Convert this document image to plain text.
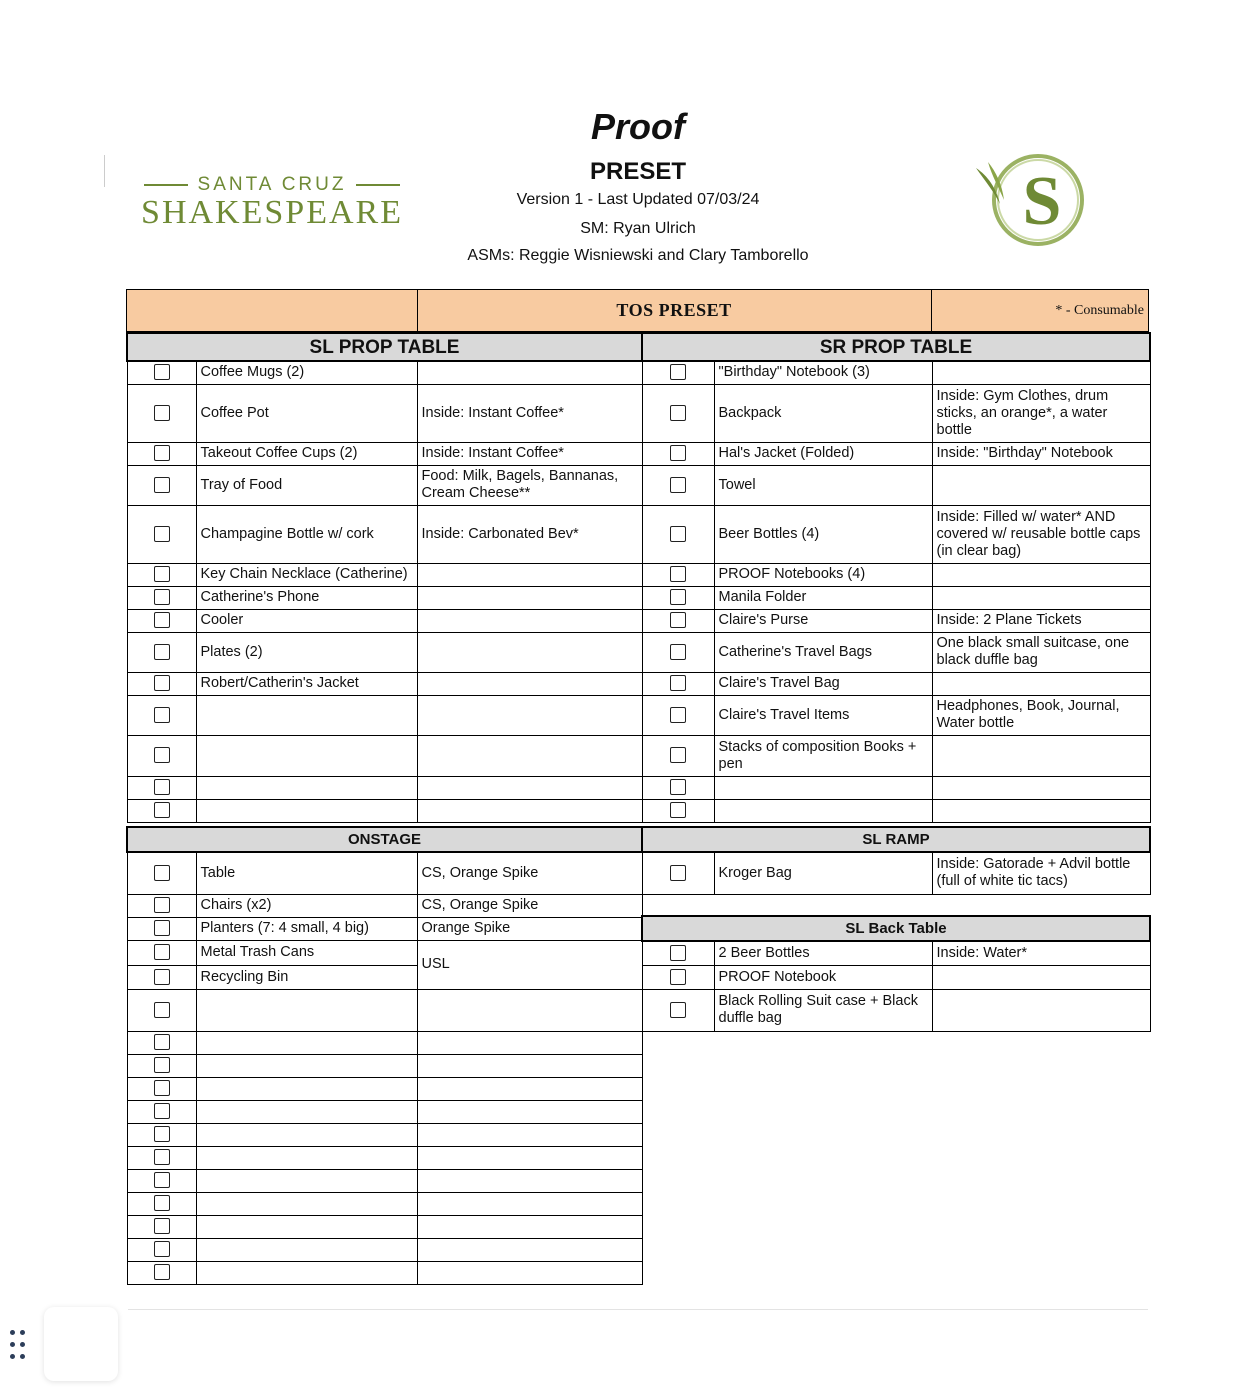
Proof
PRESET
Version 1 - Last Updated 07/03/24
SM: Ryan Ulrich
ASMs: Reggie Wisniewski and Clary Tamborello
SANTA CRUZ
SHAKESPEARE	S
TOS PRESET	* - Consumable
SL PROP TABLE		
	Coffee Mugs (2)	
	Coffee Pot	Inside: Instant Coffee*
	Takeout Coffee Cups (2)	Inside: Instant Coffee*
	Tray of Food	Food: Milk, Bagels, Bannanas, Cream Cheese**
	Champagine Bottle w/ cork	Inside: Carbonated Bev*
	Key Chain Necklace (Catherine)	
	Catherine's Phone	
	Cooler	
	Plates (2)	
	Robert/Catherin's Jacket	

ONSTAGE		
	Table	CS, Orange Spike
	Chairs (x2)	CS, Orange Spike
	Planters (7: 4 small, 4 big)	Orange Spike
	Metal Trash Cans	USL
	Recycling Bin	

SR PROP TABLE		
	"Birthday" Notebook (3)	
	Backpack	Inside: Gym Clothes, drum sticks, an orange*, a water bottle
	Hal's Jacket (Folded)	Inside: "Birthday" Notebook
	Towel	
	Beer Bottles (4)	Inside: Filled w/ water* AND covered w/ reusable bottle caps (in clear bag)
	PROOF Notebooks (4)	
	Manila Folder	
	Claire's Purse	Inside: 2 Plane Tickets
	Catherine's Travel Bags	One black small suitcase, one black duffle bag
	Claire's Travel Bag	
	Claire's Travel Items	Headphones, Book, Journal, Water bottle
	Stacks of composition Books + pen	

SL RAMP
	Kroger Bag	Inside: Gatorade + Advil bottle (full of white tic tacs)
SL Back Table		
	2 Beer Bottles	Inside: Water*
	PROOF Notebook	
	Black Rolling Suit case + Black duffle bag	
